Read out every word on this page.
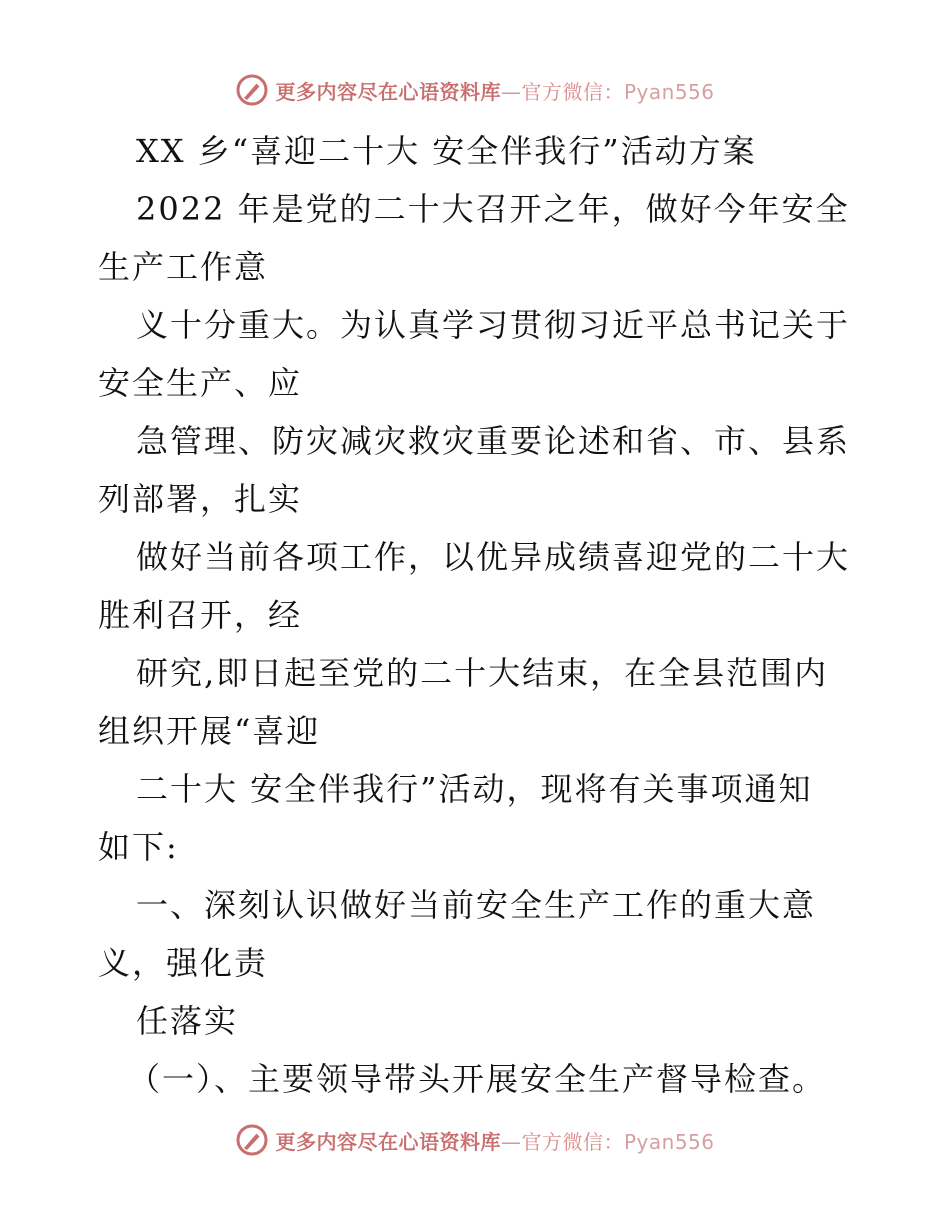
更多内容尽在心语资料库—官方微信：Pyan556
XX 乡“喜迎二十大 安全伴我行”活动方案
2022 年是党的二十大召开之年，做好今年安全
生产工作意
义十分重大。为认真学习贯彻习近平总书记关于
安全生产、应
急管理、防灾减灾救灾重要论述和省、市、县系
列部署，扎实
做好当前各项工作，以优异成绩喜迎党的二十大
胜利召开，经
研究,即日起至党的二十大结束，在全县范围内
组织开展“喜迎
二十大 安全伴我行”活动，现将有关事项通知
如下:
一、深刻认识做好当前安全生产工作的重大意
义，强化责
任落实
（一）、主要领导带头开展安全生产督导检查。
更多内容尽在心语资料库—官方微信：Pyan556
